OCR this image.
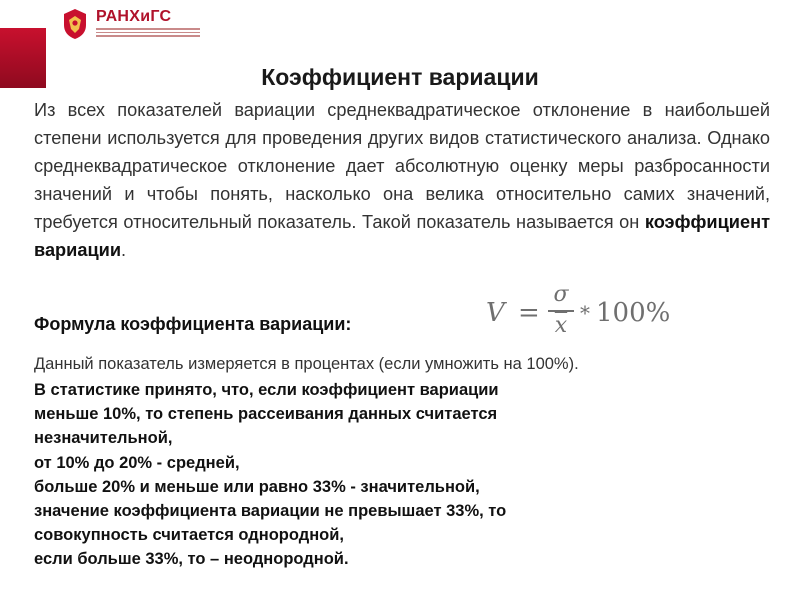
РАНХиГС
Коэффициент вариации
Из всех показателей вариации среднеквадратическое отклонение в наибольшей степени используется для проведения других видов статистического анализа. Однако среднеквадратическое отклонение дает абсолютную оценку меры разбросанности значений и чтобы понять, насколько она велика относительно самих значений, требуется относительный показатель. Такой показатель называется он коэффициент вариации.
Формула коэффициента вариации:	$V = \frac{\sigma}{x} * 100\%$
Данный показатель измеряется в процентах (если умножить на 100%).
В статистике принято, что, если коэффициент вариации
меньше 10%, то степень рассеивания данных считается
незначительной,
от 10% до 20% - средней,
больше 20% и меньше или равно 33% - значительной,
значение коэффициента вариации не превышает 33%, то
совокупность считается однородной,
если больше 33%, то – неоднородной.
